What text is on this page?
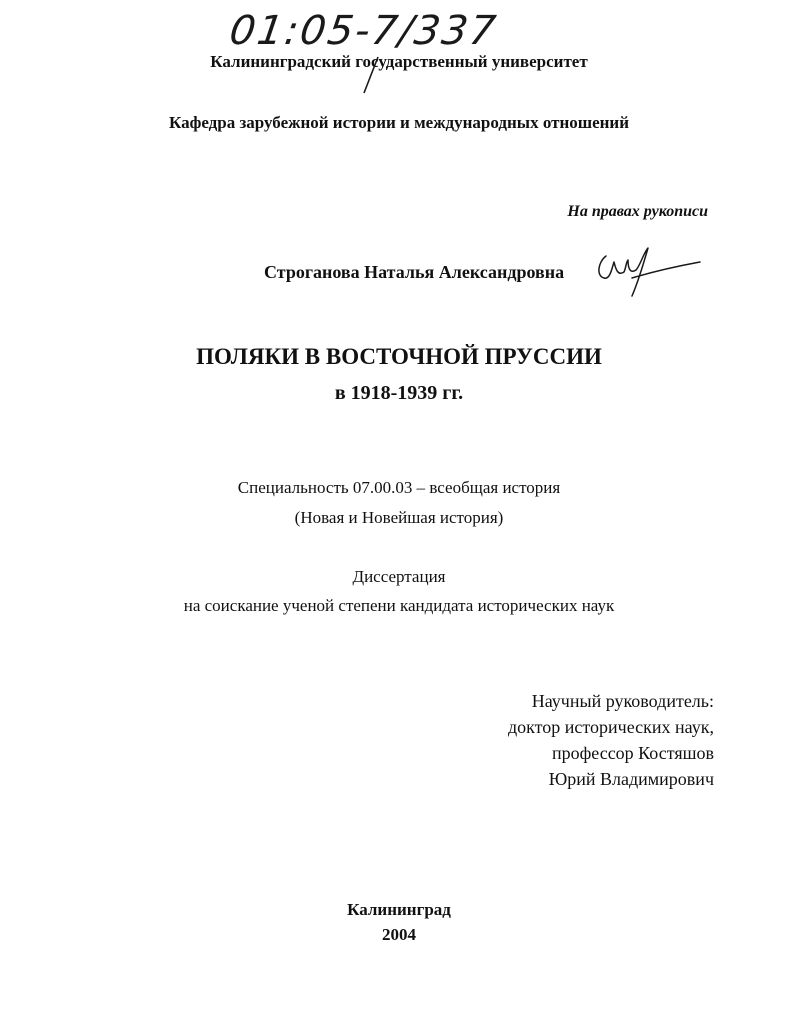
01:05-7/337

Калининградский государственный университет

Кафедра зарубежной истории и международных отношений

На правах рукописи

Строганова Наталья Александровна

ПОЛЯКИ В ВОСТОЧНОЙ ПРУССИИ

в 1918-1939 гг.

Специальность 07.00.03 – всеобщая история

(Новая и Новейшая история)

Диссертация

на соискание ученой степени кандидата исторических наук

Научный руководитель:
доктор исторических наук,
профессор Костяшов
Юрий Владимирович

Калининград

2004
